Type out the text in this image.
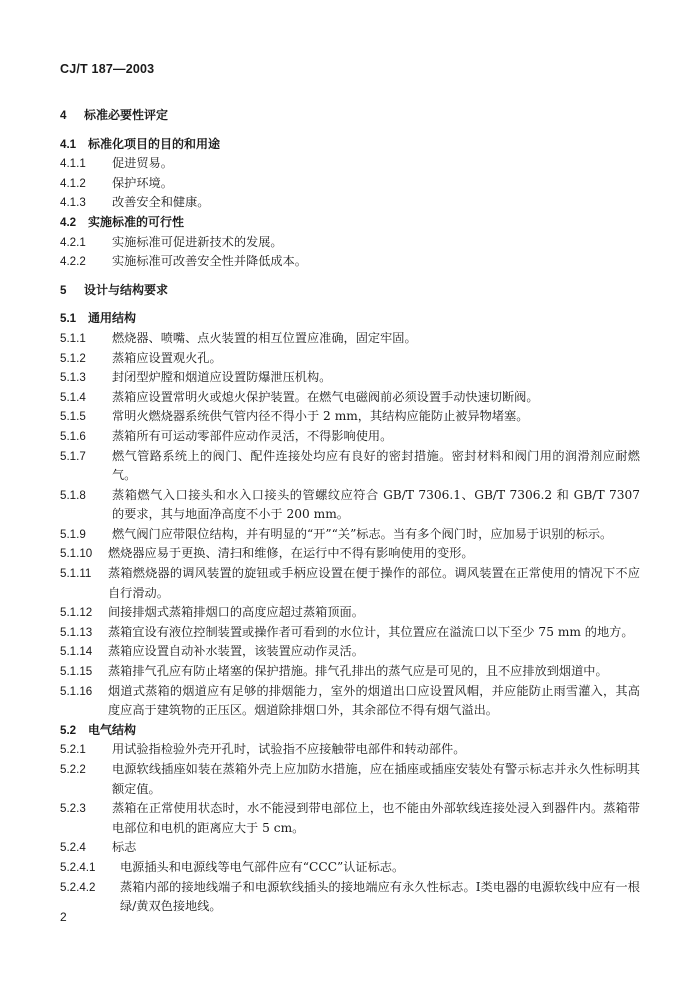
CJ/T 187—2003
4	标准必要性评定
4.1 标准化项目的目的和用途
4.1.1	促进贸易。
4.1.2	保护环境。
4.1.3	改善安全和健康。
4.2 实施标准的可行性
4.2.1	实施标准可促进新技术的发展。
4.2.2	实施标准可改善安全性并降低成本。
5	设计与结构要求
5.1 通用结构
5.1.1	燃烧器、喷嘴、点火装置的相互位置应准确，固定牢固。
5.1.2	蒸箱应设置观火孔。
5.1.3	封闭型炉膛和烟道应设置防爆泄压机构。
5.1.4	蒸箱应设置常明火或熄火保护装置。在燃气电磁阀前必须设置手动快速切断阀。
5.1.5	常明火燃烧器系统供气管内径不得小于 2 mm，其结构应能防止被异物堵塞。
5.1.6	蒸箱所有可运动零部件应动作灵活，不得影响使用。
5.1.7	燃气管路系统上的阀门、配件连接处均应有良好的密封措施。密封材料和阀门用的润滑剂应耐燃气。
5.1.8	蒸箱燃气入口接头和水入口接头的管螺纹应符合 GB/T 7306.1、GB/T 7306.2 和 GB/T 7307 的要求，其与地面净高度不小于 200 mm。
5.1.9	燃气阀门应带限位结构，并有明显的“开”“关”标志。当有多个阀门时，应加易于识别的标示。
5.1.10	燃烧器应易于更换、清扫和维修，在运行中不得有影响使用的变形。
5.1.11	蒸箱燃烧器的调风装置的旋钮或手柄应设置在便于操作的部位。调风装置在正常使用的情况下不应自行滑动。
5.1.12	间接排烟式蒸箱排烟口的高度应超过蒸箱顶面。
5.1.13	蒸箱宜设有液位控制装置或操作者可看到的水位计，其位置应在溢流口以下至少 75 mm 的地方。
5.1.14	蒸箱应设置自动补水装置，该装置应动作灵活。
5.1.15	蒸箱排气孔应有防止堵塞的保护措施。排气孔排出的蒸气应是可见的，且不应排放到烟道中。
5.1.16	烟道式蒸箱的烟道应有足够的排烟能力，室外的烟道出口应设置风帽，并应能防止雨雪灌入，其高度应高于建筑物的正压区。烟道除排烟口外，其余部位不得有烟气溢出。
5.2 电气结构
5.2.1	用试验指检验外壳开孔时，试验指不应接触带电部件和转动部件。
5.2.2	电源软线插座如装在蒸箱外壳上应加防水措施，应在插座或插座安装处有警示标志并永久性标明其额定值。
5.2.3	蒸箱在正常使用状态时，水不能浸到带电部位上，也不能由外部软线连接处浸入到器件内。蒸箱带电部位和电机的距离应大于 5 cm。
5.2.4	标志
5.2.4.1	电源插头和电源线等电气部件应有“CCC”认证标志。
5.2.4.2	蒸箱内部的接地线端子和电源软线插头的接地端应有永久性标志。Ⅰ类电器的电源软线中应有一根绿/黄双色接地线。
2
